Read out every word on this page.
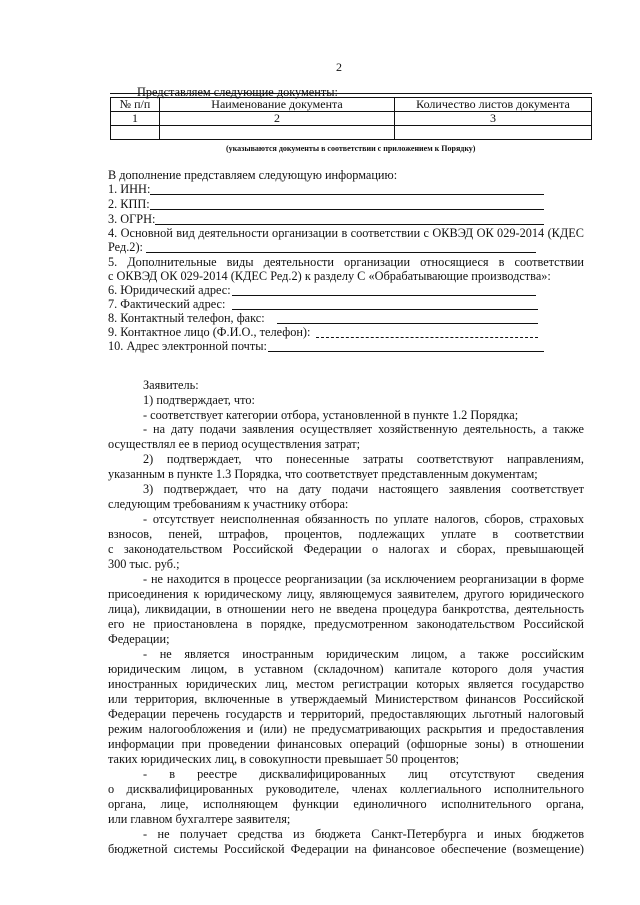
2
Представляем следующие документы:
№ п/п	Наименование документа	Количество листов документа
1	2	3

(указываются документы в соответствии с приложением к Порядку)
В дополнение представляем следующую информацию:
1. ИНН:
2. КПП:
3. ОГРН:
4. Основной вид деятельности организации в соответствии с ОКВЭД ОК 029-2014 (КДЕС
Ред.2):
5. Дополнительные виды деятельности организации относящиеся в соответствии
с ОКВЭД ОК 029-2014 (КДЕС Ред.2) к разделу С «Обрабатывающие производства»:
6. Юридический адрес:
7. Фактический адрес:
8. Контактный телефон, факс:
9. Контактное лицо (Ф.И.О., телефон):
10. Адрес электронной почты:
Заявитель:
1) подтверждает, что:
- соответствует категории отбора, установленной в пункте 1.2 Порядка;
- на дату подачи заявления осуществляет хозяйственную деятельность, а также
осуществлял ее в период осуществления затрат;
2) подтверждает, что понесенные затраты соответствуют направлениям,
указанным в пункте 1.3 Порядка, что соответствует представленным документам;
3) подтверждает, что на дату подачи настоящего заявления соответствует
следующим требованиям к участнику отбора:
- отсутствует неисполненная обязанность по уплате налогов, сборов, страховых
взносов, пеней, штрафов, процентов, подлежащих уплате в соответствии
с законодательством Российской Федерации о налогах и сборах, превышающей
300 тыс. руб.;
- не находится в процессе реорганизации (за исключением реорганизации в форме
присоединения к юридическому лицу, являющемуся заявителем, другого юридического
лица), ликвидации, в отношении него не введена процедура банкротства, деятельность
его не приостановлена в порядке, предусмотренном законодательством Российской
Федерации;
- не является иностранным юридическим лицом, а также российским
юридическим лицом, в уставном (складочном) капитале которого доля участия
иностранных юридических лиц, местом регистрации которых является государство
или территория, включенные в утверждаемый Министерством финансов Российской
Федерации перечень государств и территорий, предоставляющих льготный налоговый
режим налогообложения и (или) не предусматривающих раскрытия и предоставления
информации при проведении финансовых операций (офшорные зоны) в отношении
таких юридических лиц, в совокупности превышает 50 процентов;
- в реестре дисквалифицированных лиц отсутствуют сведения
о дисквалифицированных руководителе, членах коллегиального исполнительного
органа, лице, исполняющем функции единоличного исполнительного органа,
или главном бухгалтере заявителя;
- не получает средства из бюджета Санкт-Петербурга и иных бюджетов
бюджетной системы Российской Федерации на финансовое обеспечение (возмещение)
